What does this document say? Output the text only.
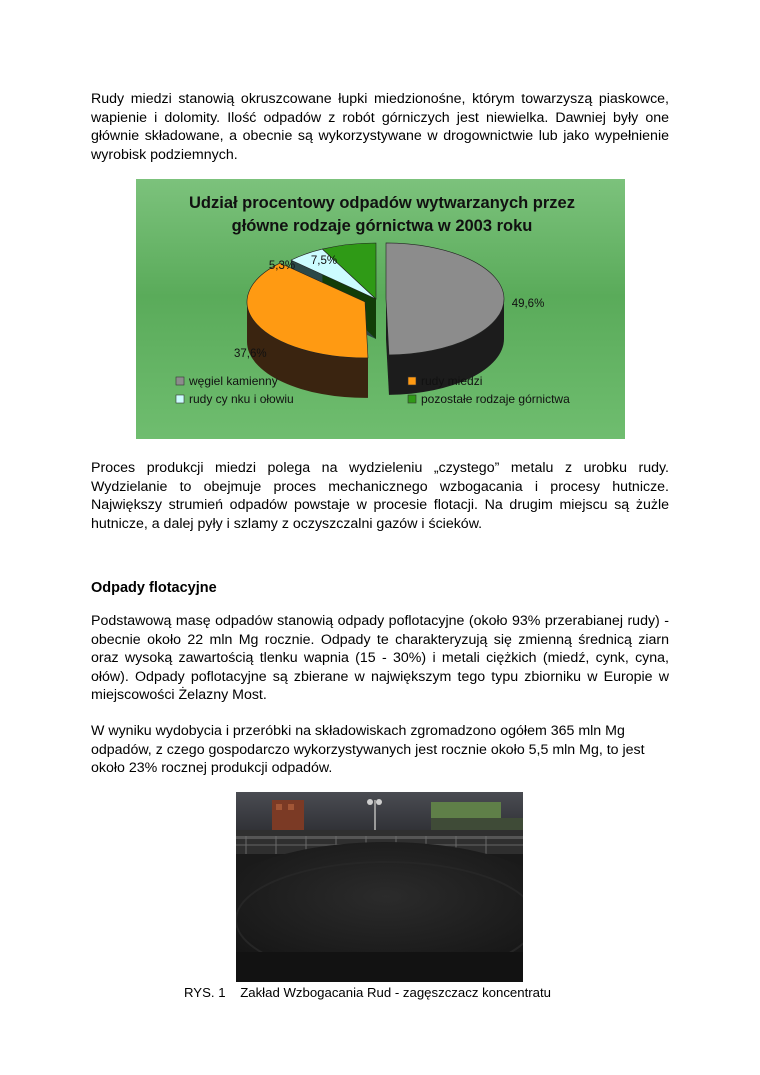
Rudy miedzi stanowią okruszcowane łupki miedzionośne, którym towarzyszą piaskowce, wapienie i dolomity. Ilość odpadów z robót górniczych jest niewielka. Dawniej były one głównie składowane, a obecnie są wykorzystywane w drogownictwie lub jako wypełnienie wyrobisk podziemnych.

Udział procentowy odpadów wytwarzanych przez
główne rodzaje górnictwa w 2003 roku
49,6%
37,6%
5,3% 7,5%
węgiel kamienny	rudy miedzi
rudy cy nku i ołowiu	pozostałe rodzaje górnictwa

Proces produkcji miedzi polega na wydzieleniu „czystego” metalu z urobku rudy. Wydzielanie to obejmuje proces mechanicznego wzbogacania i procesy hutnicze. Największy strumień odpadów powstaje w procesie flotacji. Na drugim miejscu są żużle hutnicze, a dalej pyły i szlamy z oczyszczalni gazów i ścieków.

Odpady flotacyjne

Podstawową masę odpadów stanowią odpady poflotacyjne (około 93% przerabianej rudy) - obecnie około 22 mln Mg rocznie. Odpady te charakteryzują się zmienną średnicą ziarn oraz wysoką zawartością tlenku wapnia (15 - 30%) i metali ciężkich (miedź, cynk, cyna, ołów). Odpady poflotacyjne są zbierane w największym tego typu zbiorniku w Europie w miejscowości Żelazny Most.

W wyniku wydobycia i przeróbki na składowiskach zgromadzono ogółem 365 mln Mg odpadów, z czego gospodarczo wykorzystywanych jest rocznie około 5,5 mln Mg, to jest około 23% rocznej produkcji odpadów.

RYS. 1    Zakład Wzbogacania Rud - zagęszczacz koncentratu
